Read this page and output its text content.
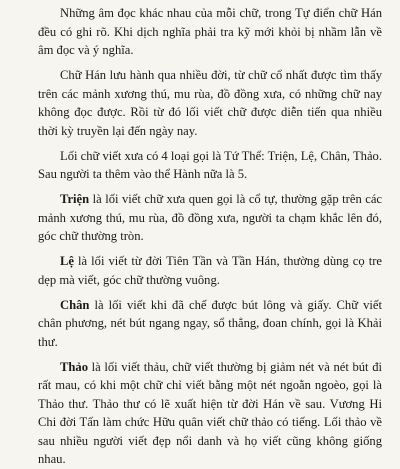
Những âm đọc khác nhau của mỗi chữ, trong Tự điển chữ Hán đều có ghi rõ. Khi dịch nghĩa phải tra kỹ mới khỏi bị nhầm lẫn về âm đọc và ý nghĩa.

Chữ Hán lưu hành qua nhiều đời, từ chữ cổ nhất được tìm thấy trên các mảnh xương thú, mu rùa, đồ đồng xưa, có những chữ nay không đọc được. Rồi từ đó lối viết chữ được diễn tiến qua nhiều thời kỳ truyền lại đến ngày nay.

Lối chữ viết xưa có 4 loại gọi là Tứ Thể: Triện, Lệ, Chân, Thảo. Sau người ta thêm vào thể Hành nữa là 5.

Triện là lối viết chữ xưa quen gọi là cổ tự, thường gặp trên các mảnh xương thú, mu rùa, đồ đồng xưa, người ta chạm khắc lên đó, góc chữ thường tròn.

Lệ là lối viết từ đời Tiên Tần và Tần Hán, thường dùng cọ tre dẹp mà viết, góc chữ thường vuông.

Chân là lối viết khi đã chế được bút lông và giấy. Chữ viết chân phương, nét bút ngang ngay, sổ thẳng, đoan chính, gọi là Khải thư.

Thảo là lối viết thảu, chữ viết thường bị giảm nét và nét bút đi rất mau, có khi một chữ chỉ viết bằng một nét ngoằn ngoèo, gọi là Thảo thư. Thảo thư có lẽ xuất hiện từ đời Hán về sau. Vương Hi Chi đời Tấn làm chức Hữu quân viết chữ thảo có tiếng. Lối thảo về sau nhiều người viết đẹp nổi danh và họ viết cũng không giống nhau.
